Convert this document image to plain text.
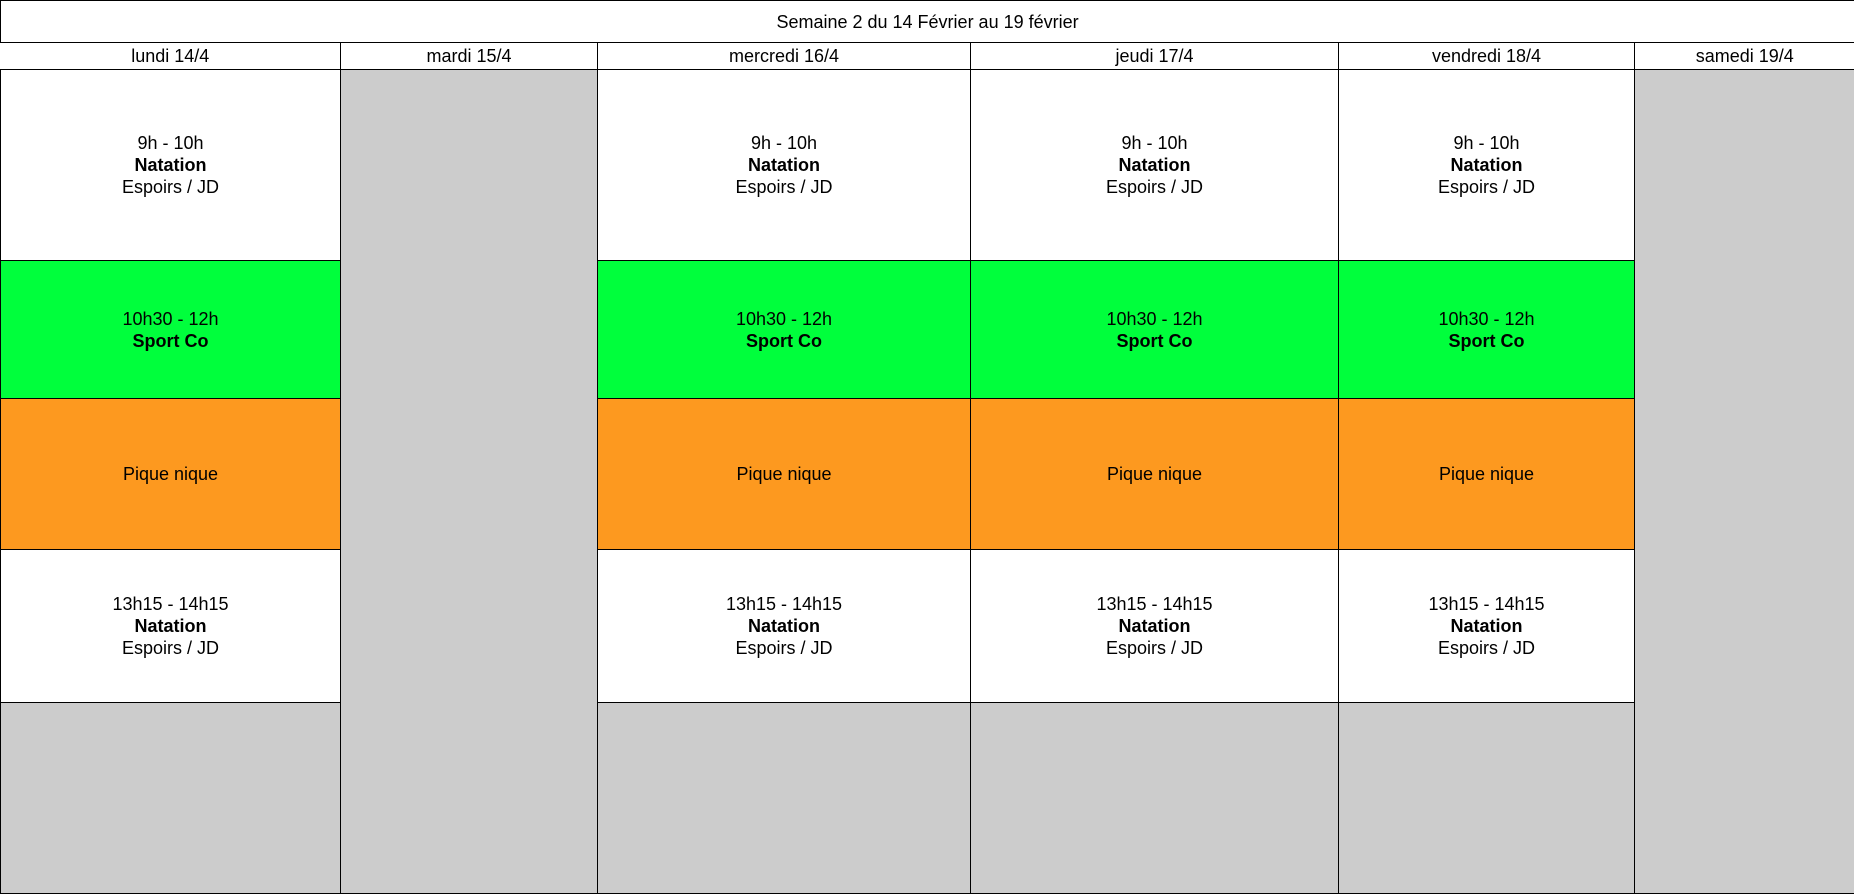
Semaine 2 du 14 Février au 19 février					
lundi 14/4	mardi 15/4	mercredi 16/4	jeudi 17/4	vendredi 18/4	samedi 19/4

9h - 10h
Natation
Espoirs / JD		9h - 10h
Natation
Espoirs / JD	9h - 10h
Natation
Espoirs / JD	9h - 10h
Natation
Espoirs / JD	

10h30 - 12h
Sport Co		10h30 - 12h
Sport Co	10h30 - 12h
Sport Co	10h30 - 12h
Sport Co	

Pique nique		Pique nique	Pique nique	Pique nique	

13h15 - 14h15
Natation
Espoirs / JD		13h15 - 14h15
Natation
Espoirs / JD	13h15 - 14h15
Natation
Espoirs / JD	13h15 - 14h15
Natation
Espoirs / JD	
